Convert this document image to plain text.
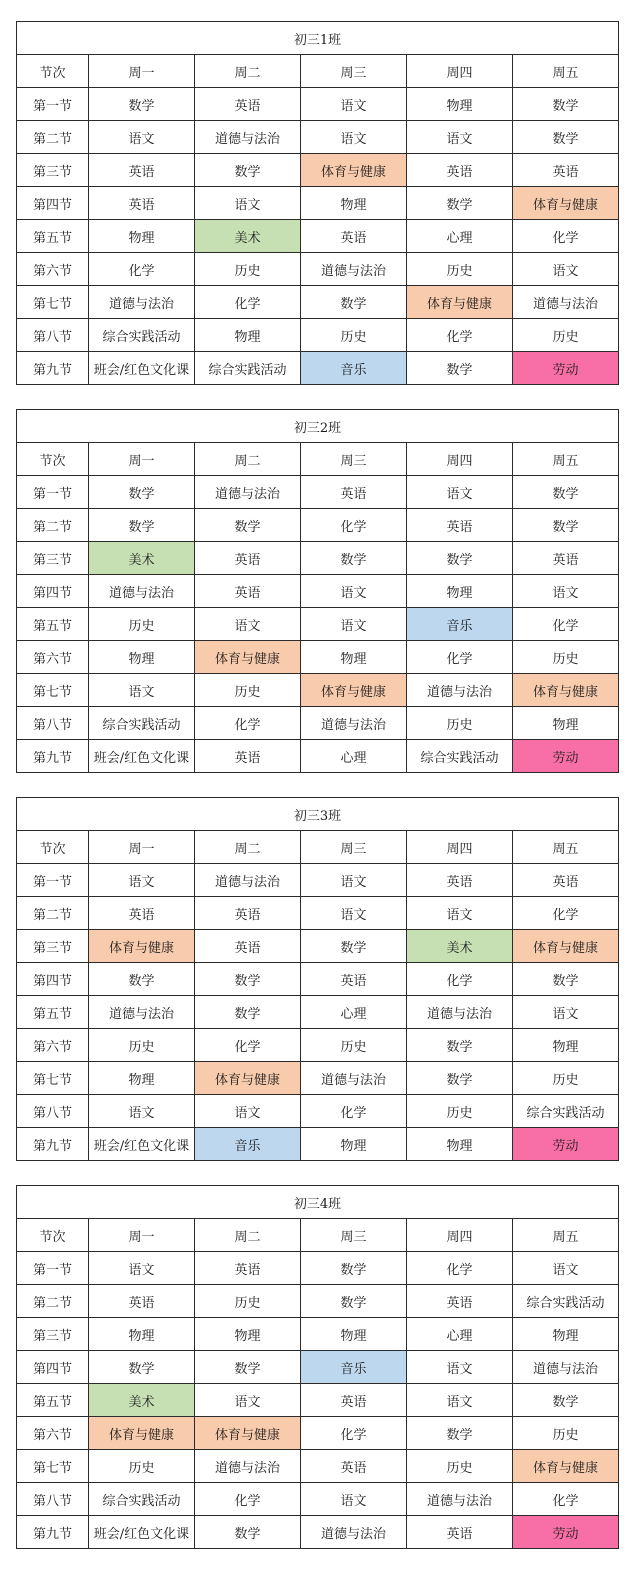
初三1班					
节次	周一	周二	周三	周四	周五
第一节	数学	英语	语文	物理	数学
第二节	语文	道德与法治	语文	语文	数学
第三节	英语	数学	体育与健康	英语	英语
第四节	英语	语文	物理	数学	体育与健康
第五节	物理	美术	英语	心理	化学
第六节	化学	历史	道德与法治	历史	语文
第七节	道德与法治	化学	数学	体育与健康	道德与法治
第八节	综合实践活动	物理	历史	化学	历史
第九节	班会/红色文化课	综合实践活动	音乐	数学	劳动
初三2班					
节次	周一	周二	周三	周四	周五
第一节	数学	道德与法治	英语	语文	数学
第二节	数学	数学	化学	英语	数学
第三节	美术	英语	数学	数学	英语
第四节	道德与法治	英语	语文	物理	语文
第五节	历史	语文	语文	音乐	化学
第六节	物理	体育与健康	物理	化学	历史
第七节	语文	历史	体育与健康	道德与法治	体育与健康
第八节	综合实践活动	化学	道德与法治	历史	物理
第九节	班会/红色文化课	英语	心理	综合实践活动	劳动
初三3班					
节次	周一	周二	周三	周四	周五
第一节	语文	道德与法治	语文	英语	英语
第二节	英语	英语	语文	语文	化学
第三节	体育与健康	英语	数学	美术	体育与健康
第四节	数学	数学	英语	化学	数学
第五节	道德与法治	数学	心理	道德与法治	语文
第六节	历史	化学	历史	数学	物理
第七节	物理	体育与健康	道德与法治	数学	历史
第八节	语文	语文	化学	历史	综合实践活动
第九节	班会/红色文化课	音乐	物理	物理	劳动
初三4班					
节次	周一	周二	周三	周四	周五
第一节	语文	英语	数学	化学	语文
第二节	英语	历史	数学	英语	综合实践活动
第三节	物理	物理	物理	心理	物理
第四节	数学	数学	音乐	语文	道德与法治
第五节	美术	语文	英语	语文	数学
第六节	体育与健康	体育与健康	化学	数学	历史
第七节	历史	道德与法治	英语	历史	体育与健康
第八节	综合实践活动	化学	语文	道德与法治	化学
第九节	班会/红色文化课	数学	道德与法治	英语	劳动
